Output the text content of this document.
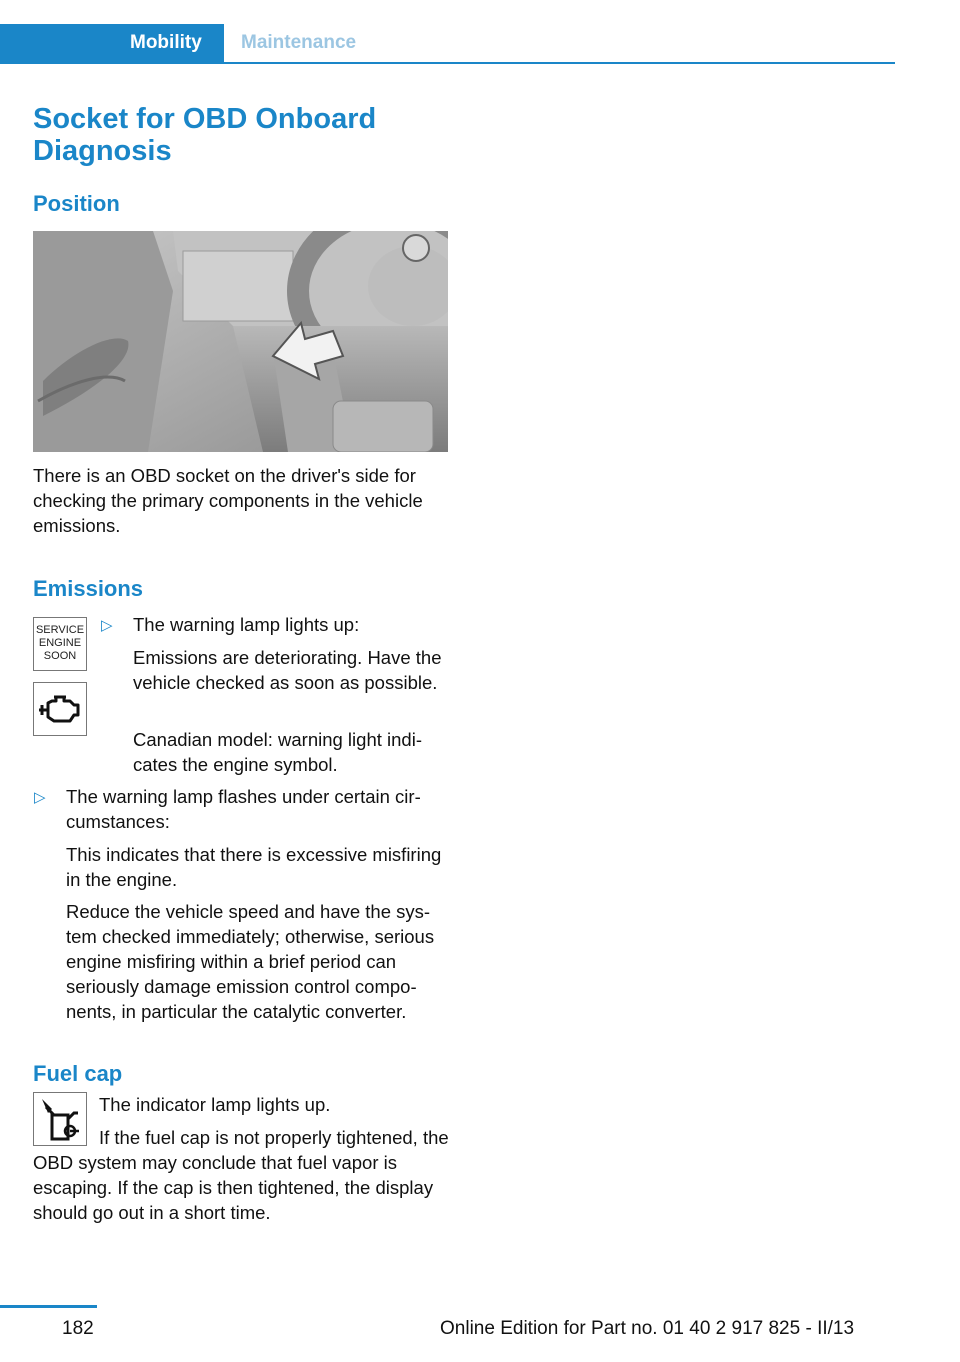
Mobility	Maintenance
Socket for OBD Onboard Diagnosis
Position
There is an OBD socket on the driver's side for checking the primary components in the vehicle emissions.
Emissions
SERVICE ENGINE SOON
▷ The warning lamp lights up:
Emissions are deteriorating. Have the vehicle checked as soon as possible.
Canadian model: warning light indicates the engine symbol.
▷ The warning lamp flashes under certain circumstances:
This indicates that there is excessive misfiring in the engine.
Reduce the vehicle speed and have the system checked immediately; otherwise, serious engine misfiring within a brief period can seriously damage emission control components, in particular the catalytic converter.
Fuel cap
The indicator lamp lights up.
If the fuel cap is not properly tightened, the OBD system may conclude that fuel vapor is escaping. If the cap is then tightened, the display should go out in a short time.
182	Online Edition for Part no. 01 40 2 917 825 - II/13
